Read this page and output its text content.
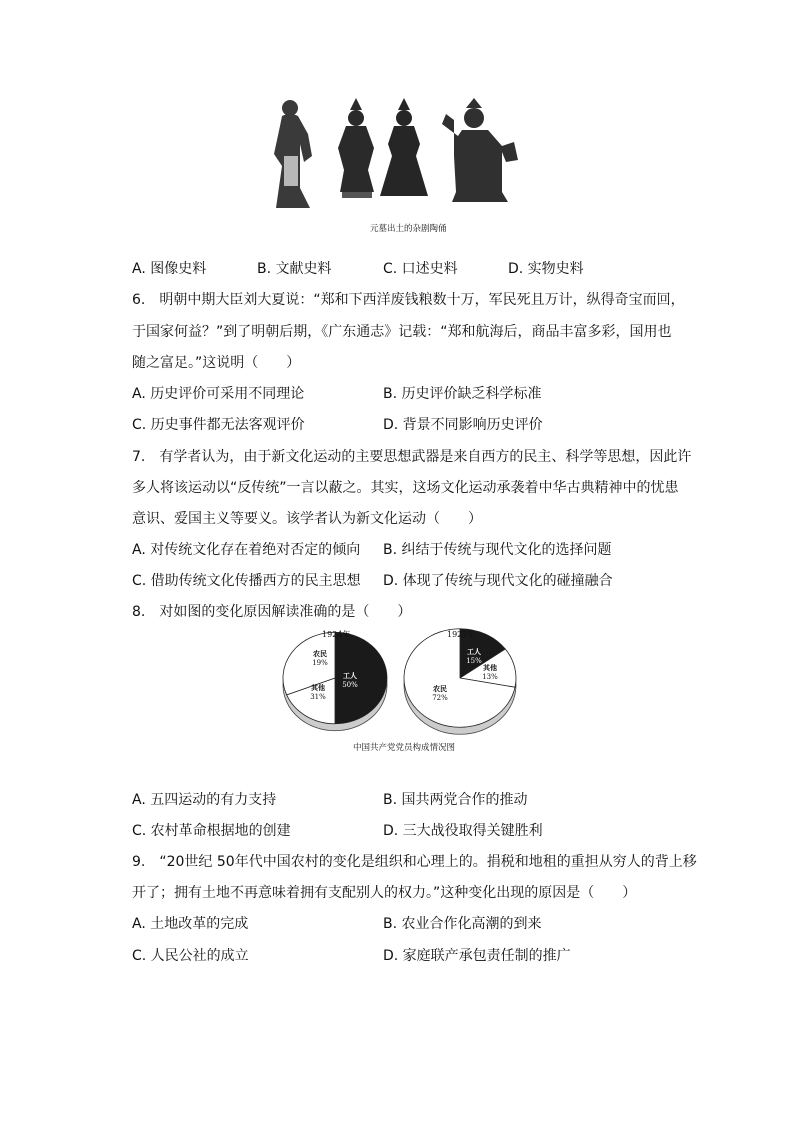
元墓出土的杂剧陶俑
A. 图像史料	B. 文献史料	C. 口述史料	D. 实物史料
6. 明朝中期大臣刘大夏说：“郑和下西洋废钱粮数十万，军民死且万计，纵得奇宝而回，
于国家何益？”到了明朝后期，《广东通志》记载：“郑和航海后，商品丰富多彩，国用也
随之富足。”这说明（　　）
A. 历史评价可采用不同理论	B. 历史评价缺乏科学标准
C. 历史事件都无法客观评价	D. 背景不同影响历史评价
7. 有学者认为，由于新文化运动的主要思想武器是来自西方的民主、科学等思想，因此许
多人将该运动以“反传统”一言以蔽之。其实，这场文化运动承袭着中华古典精神中的忧患
意识、爱国主义等要义。该学者认为新文化运动（　　）
A. 对传统文化存在着绝对否定的倾向 B. 纠结于传统与现代文化的选择问题
C. 借助传统文化传播西方的民主思想 D. 体现了传统与现代文化的碰撞融合
8. 对如图的变化原因解读准确的是（　　）
1924年
工人
50%
农民
19%
其他
31%
1927年
工人
15%
其他
13%
农民
72%
中国共产党党员构成情况图
A. 五四运动的有力支持	B. 国共两党合作的推动
C. 农村革命根据地的创建	D. 三大战役取得关键胜利
9. “20世纪 50年代中国农村的变化是组织和心理上的。捐税和地租的重担从穷人的背上移
开了；拥有土地不再意味着拥有支配别人的权力。”这种变化出现的原因是（　　）
A. 土地改革的完成	B. 农业合作化高潮的到来
C. 人民公社的成立	D. 家庭联产承包责任制的推广
